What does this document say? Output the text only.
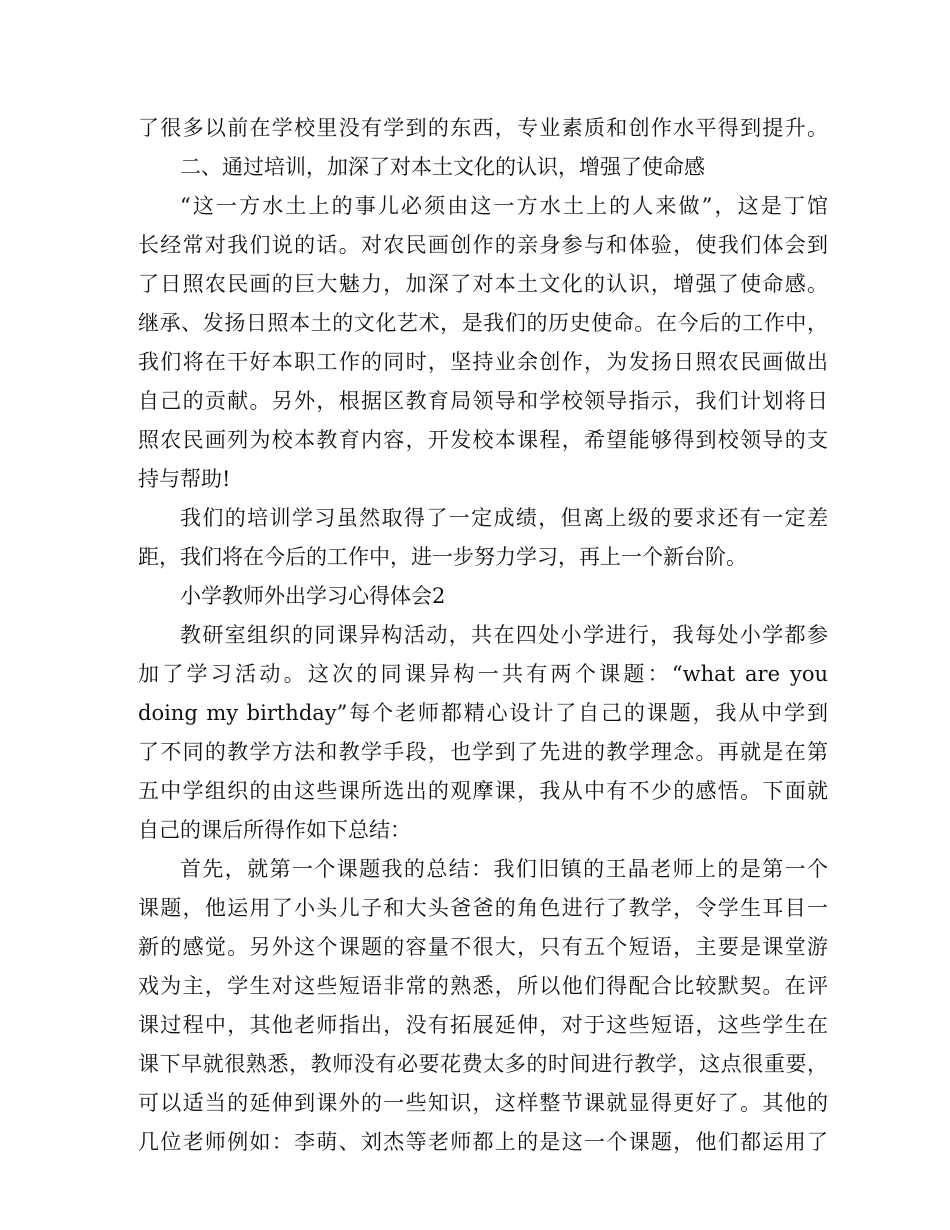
了很多以前在学校里没有学到的东西，专业素质和创作水平得到提升。
二、通过培训，加深了对本土文化的认识，增强了使命感
“这一方水土上的事儿必须由这一方水土上的人来做”，这是丁馆
长经常对我们说的话。对农民画创作的亲身参与和体验，使我们体会到
了日照农民画的巨大魅力，加深了对本土文化的认识，增强了使命感。
继承、发扬日照本土的文化艺术，是我们的历史使命。在今后的工作中，
我们将在干好本职工作的同时，坚持业余创作，为发扬日照农民画做出
自己的贡献。另外，根据区教育局领导和学校领导指示，我们计划将日
照农民画列为校本教育内容，开发校本课程，希望能够得到校领导的支
持与帮助!
我们的培训学习虽然取得了一定成绩，但离上级的要求还有一定差
距，我们将在今后的工作中，进一步努力学习，再上一个新台阶。
小学教师外出学习心得体会2
教研室组织的同课异构活动，共在四处小学进行，我每处小学都参
加了学习活动。这次的同课异构一共有两个课题：“what are you
doing my birthday”每个老师都精心设计了自己的课题，我从中学到
了不同的教学方法和教学手段，也学到了先进的教学理念。再就是在第
五中学组织的由这些课所选出的观摩课，我从中有不少的感悟。下面就
自己的课后所得作如下总结：
首先，就第一个课题我的总结：我们旧镇的王晶老师上的是第一个
课题，他运用了小头儿子和大头爸爸的角色进行了教学，令学生耳目一
新的感觉。另外这个课题的容量不很大，只有五个短语，主要是课堂游
戏为主，学生对这些短语非常的熟悉，所以他们得配合比较默契。在评
课过程中，其他老师指出，没有拓展延伸，对于这些短语，这些学生在
课下早就很熟悉，教师没有必要花费太多的时间进行教学，这点很重要，
可以适当的延伸到课外的一些知识，这样整节课就显得更好了。其他的
几位老师例如：李萌、刘杰等老师都上的是这一个课题，他们都运用了
